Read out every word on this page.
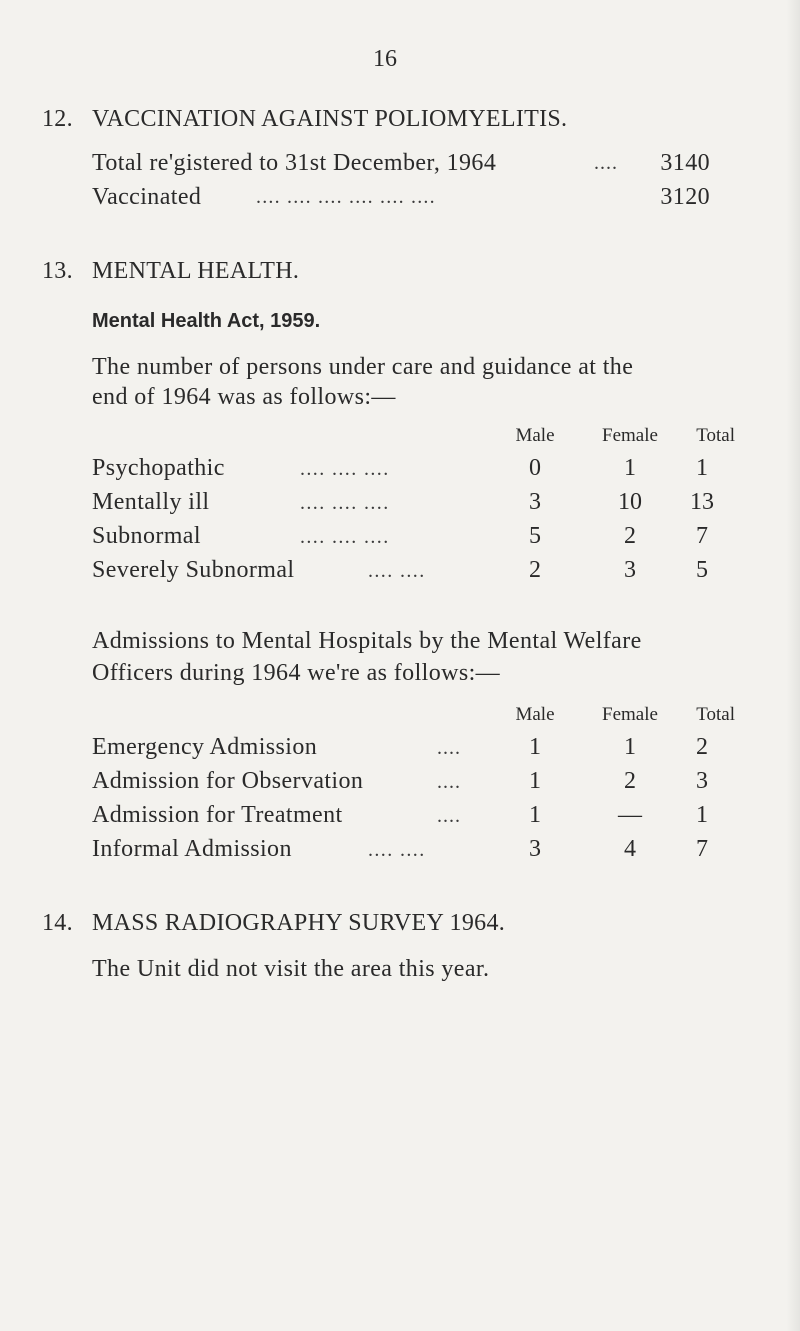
16
12. VACCINATION AGAINST POLIOMYELITIS.
Total re'gistered to 31st December, 1964	....	3140
Vaccinated	.... .... .... .... .... ....	3120
13. MENTAL HEALTH.
Mental Health Act, 1959.
The number of persons under care and guidance at the
end of 1964 was as follows:—
Male	Female	Total
Psychopathic	.... .... ....	0	1	1
Mentally ill	.... .... ....	3	10	13
Subnormal	.... .... ....	5	2	7
Severely Subnormal	.... ....	2	3	5
Admissions to Mental Hospitals by the Mental Welfare
Officers during 1964 we're as follows:—
Male	Female	Total
Emergency Admission	....	1	1	2
Admission for Observation	....	1	2	3
Admission for Treatment	....	1	—	1
Informal Admission	.... ....	3	4	7
14. MASS RADIOGRAPHY SURVEY 1964.
The Unit did not visit the area this year.
